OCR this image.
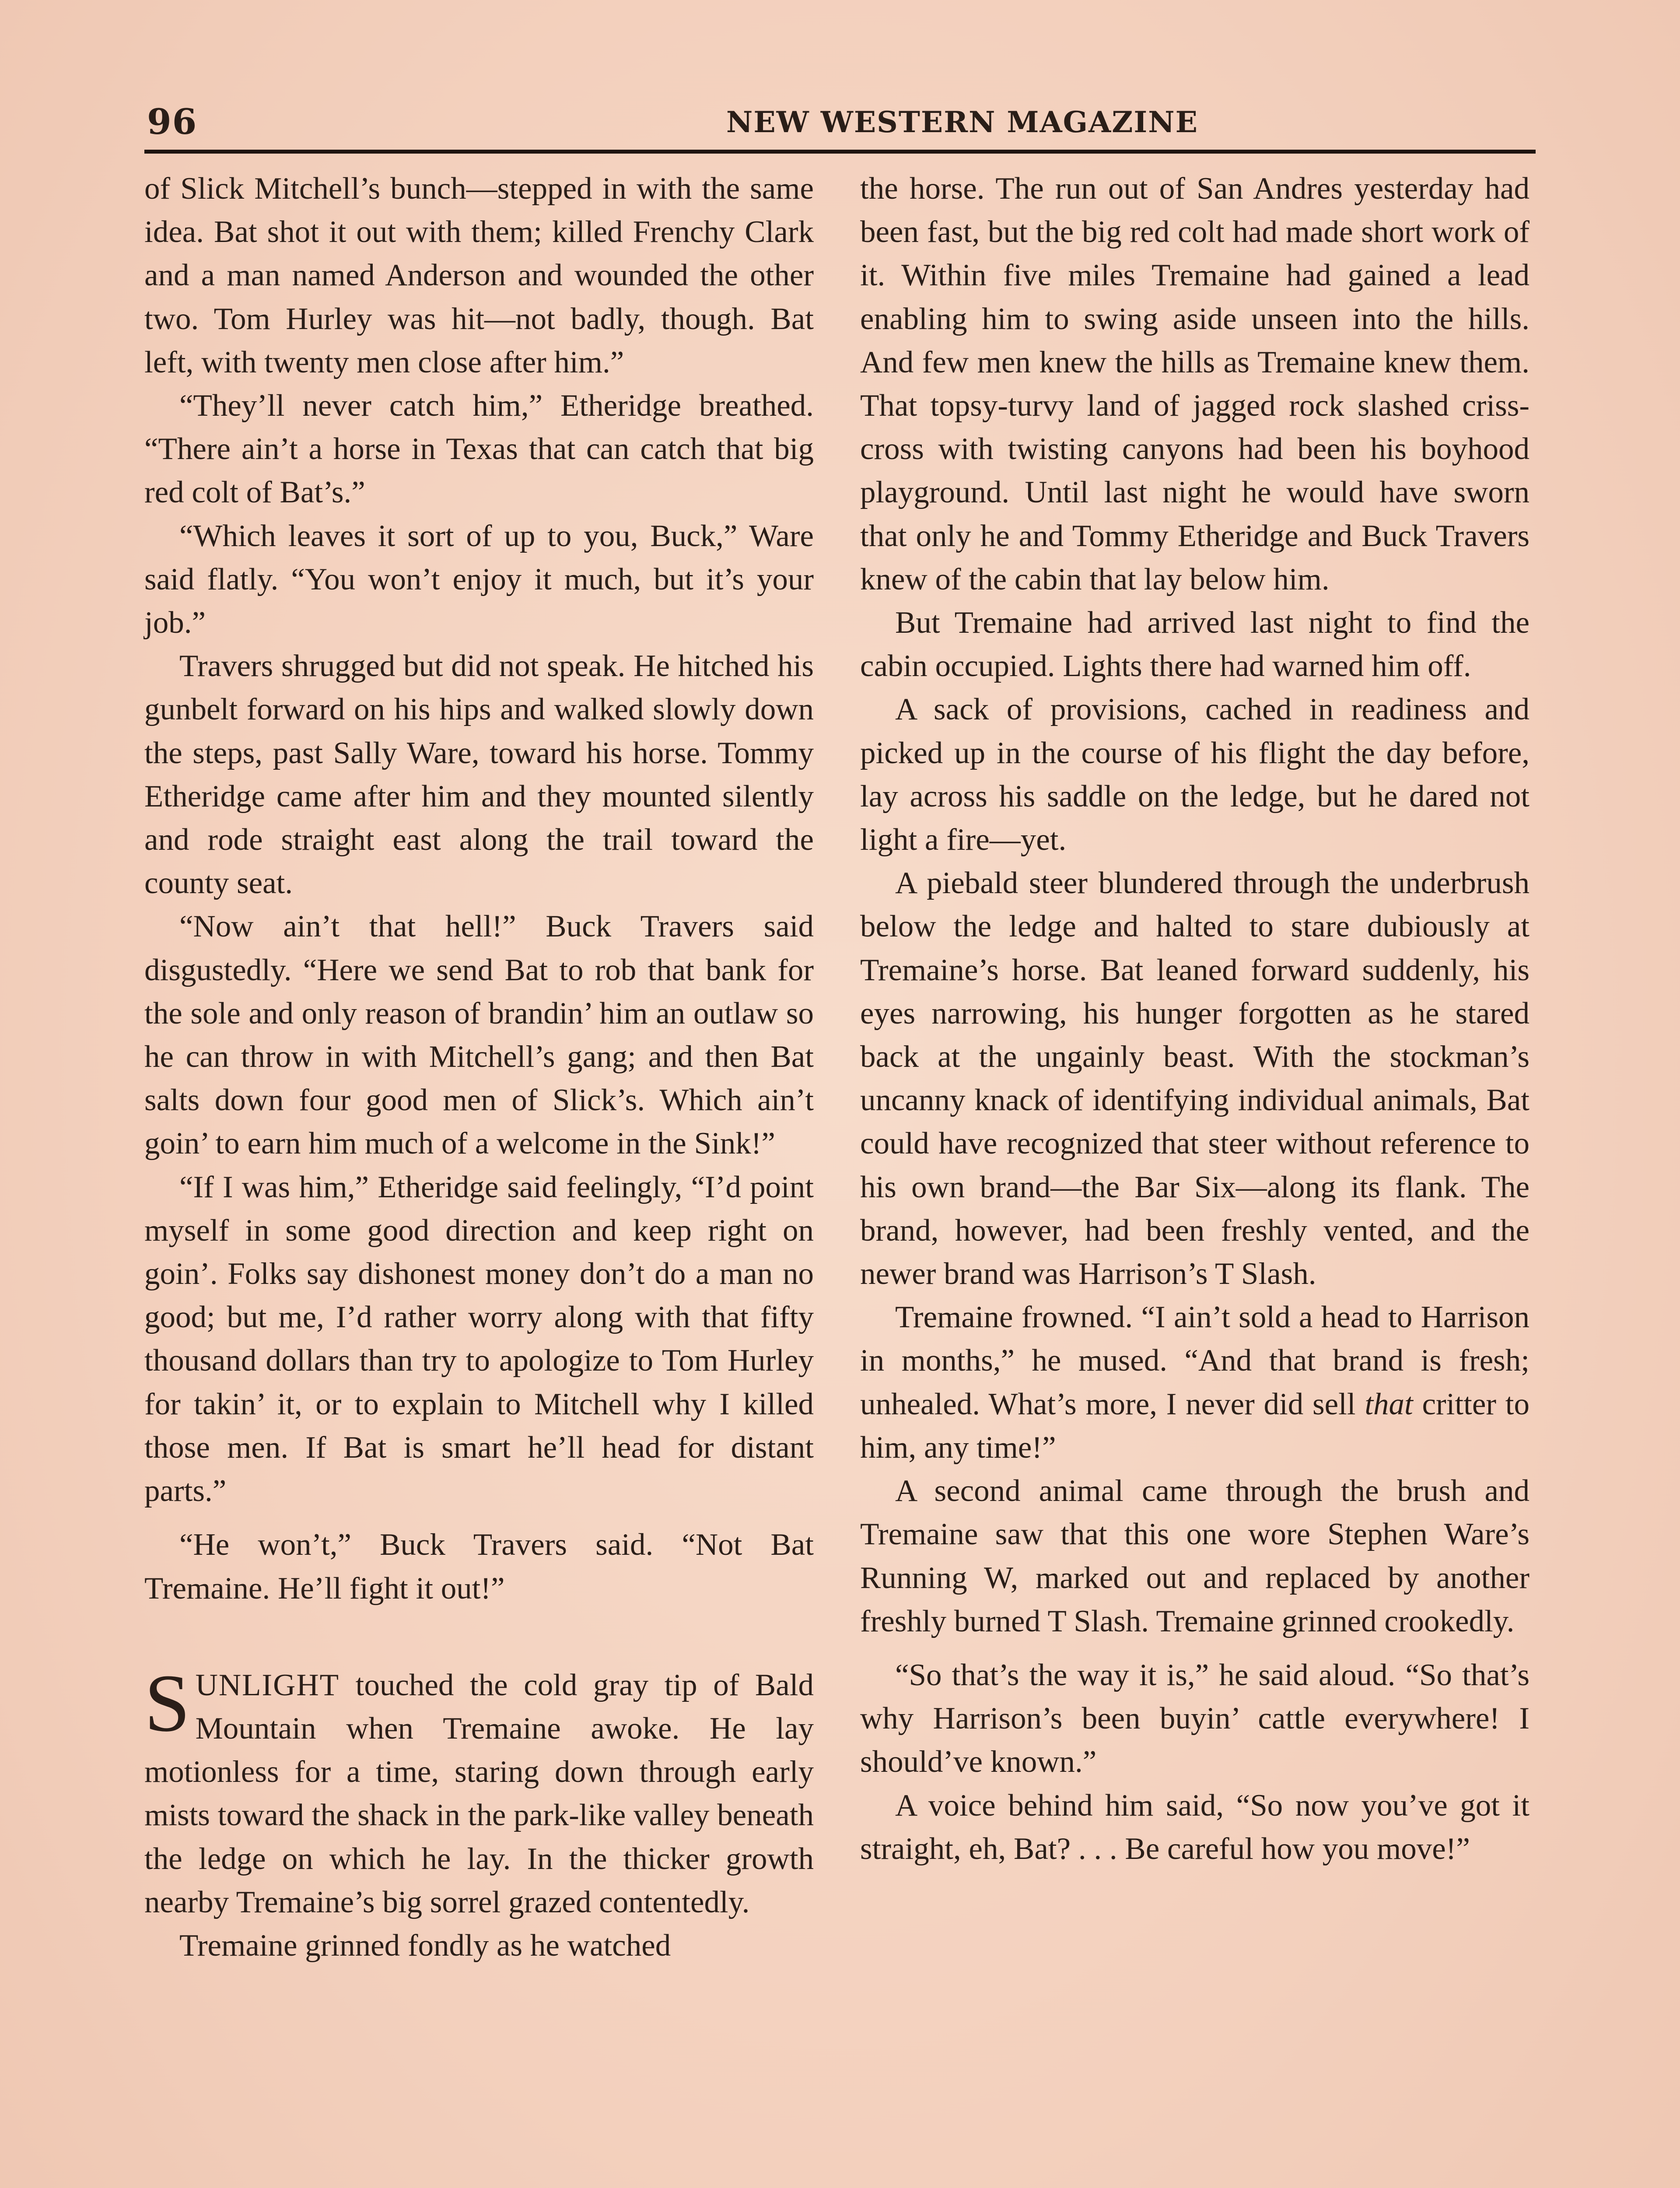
96	NEW WESTERN MAGAZINE

of Slick Mitchell’s bunch—stepped in with the same idea. Bat shot it out with them; killed Frenchy Clark and a man named Anderson and wounded the other two. Tom Hurley was hit—not badly, though. Bat left, with twenty men close after him.”

“They’ll never catch him,” Etheridge breathed. “There ain’t a horse in Texas that can catch that big red colt of Bat’s.”

“Which leaves it sort of up to you, Buck,” Ware said flatly. “You won’t enjoy it much, but it’s your job.”

Travers shrugged but did not speak. He hitched his gunbelt forward on his hips and walked slowly down the steps, past Sally Ware, toward his horse. Tommy Etheridge came after him and they mounted silently and rode straight east along the trail toward the county seat.

“Now ain’t that hell!” Buck Travers said disgustedly. “Here we send Bat to rob that bank for the sole and only reason of brandin’ him an outlaw so he can throw in with Mitchell’s gang; and then Bat salts down four good men of Slick’s. Which ain’t goin’ to earn him much of a welcome in the Sink!”

“If I was him,” Etheridge said feelingly, “I’d point myself in some good direction and keep right on goin’. Folks say dishonest money don’t do a man no good; but me, I’d rather worry along with that fifty thousand dollars than try to apologize to Tom Hurley for takin’ it, or to explain to Mitchell why I killed those men. If Bat is smart he’ll head for distant parts.”

“He won’t,” Buck Travers said. “Not Bat Tremaine. He’ll fight it out!”

SUNLIGHT touched the cold gray tip of Bald Mountain when Tremaine awoke. He lay motionless for a time, staring down through early mists toward the shack in the park-like valley beneath the ledge on which he lay. In the thicker growth nearby Tremaine’s big sorrel grazed contentedly.

Tremaine grinned fondly as he watched

the horse. The run out of San Andres yesterday had been fast, but the big red colt had made short work of it. Within five miles Tremaine had gained a lead enabling him to swing aside unseen into the hills. And few men knew the hills as Tremaine knew them. That topsy-turvy land of jagged rock slashed criss-cross with twisting canyons had been his boyhood playground. Until last night he would have sworn that only he and Tommy Etheridge and Buck Travers knew of the cabin that lay below him.

But Tremaine had arrived last night to find the cabin occupied. Lights there had warned him off.

A sack of provisions, cached in readiness and picked up in the course of his flight the day before, lay across his saddle on the ledge, but he dared not light a fire—yet.

A piebald steer blundered through the underbrush below the ledge and halted to stare dubiously at Tremaine’s horse. Bat leaned forward suddenly, his eyes narrowing, his hunger forgotten as he stared back at the ungainly beast. With the stockman’s uncanny knack of identifying individual animals, Bat could have recognized that steer without reference to his own brand—the Bar Six—along its flank. The brand, however, had been freshly vented, and the newer brand was Harrison’s T Slash.

Tremaine frowned. “I ain’t sold a head to Harrison in months,” he mused. “And that brand is fresh; unhealed. What’s more, I never did sell that critter to him, any time!”

A second animal came through the brush and Tremaine saw that this one wore Stephen Ware’s Running W, marked out and replaced by another freshly burned T Slash. Tremaine grinned crookedly.

“So that’s the way it is,” he said aloud. “So that’s why Harrison’s been buyin’ cattle everywhere! I should’ve known.”

A voice behind him said, “So now you’ve got it straight, eh, Bat? . . . Be careful how you move!”
